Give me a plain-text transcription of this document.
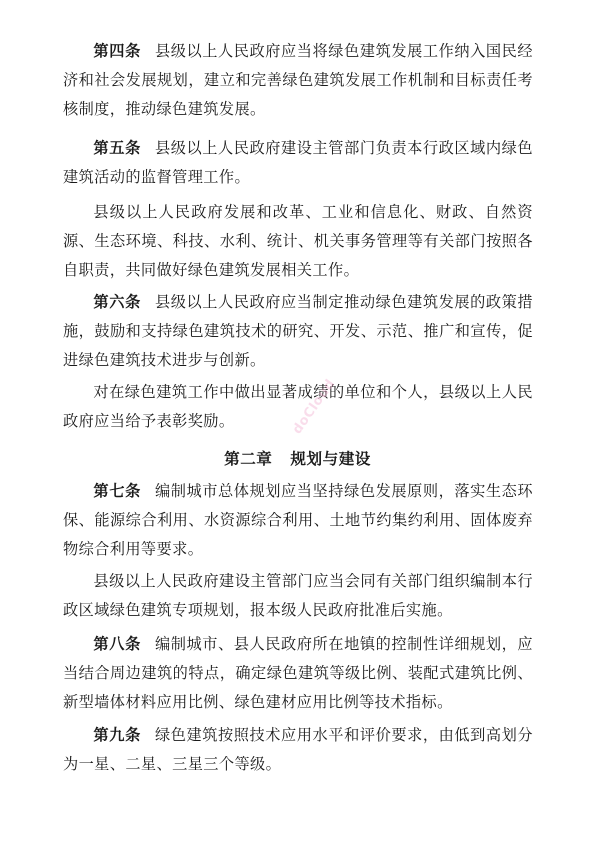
第四条 县级以上人民政府应当将绿色建筑发展工作纳入国民经济和社会发展规划，建立和完善绿色建筑发展工作机制和目标责任考核制度，推动绿色建筑发展。

第五条 县级以上人民政府建设主管部门负责本行政区域内绿色建筑活动的监督管理工作。

县级以上人民政府发展和改革、工业和信息化、财政、自然资源、生态环境、科技、水利、统计、机关事务管理等有关部门按照各自职责，共同做好绿色建筑发展相关工作。

第六条 县级以上人民政府应当制定推动绿色建筑发展的政策措施，鼓励和支持绿色建筑技术的研究、开发、示范、推广和宣传，促进绿色建筑技术进步与创新。

对在绿色建筑工作中做出显著成绩的单位和个人，县级以上人民政府应当给予表彰奖励。	doCloud
第二章 规划与建设

第七条 编制城市总体规划应当坚持绿色发展原则，落实生态环保、能源综合利用、水资源综合利用、土地节约集约利用、固体废弃物综合利用等要求。

县级以上人民政府建设主管部门应当会同有关部门组织编制本行政区域绿色建筑专项规划，报本级人民政府批准后实施。

第八条 编制城市、县人民政府所在地镇的控制性详细规划，应当结合周边建筑的特点，确定绿色建筑等级比例、装配式建筑比例、新型墙体材料应用比例、绿色建材应用比例等技术指标。

第九条 绿色建筑按照技术应用水平和评价要求，由低到高划分为一星、二星、三星三个等级。
